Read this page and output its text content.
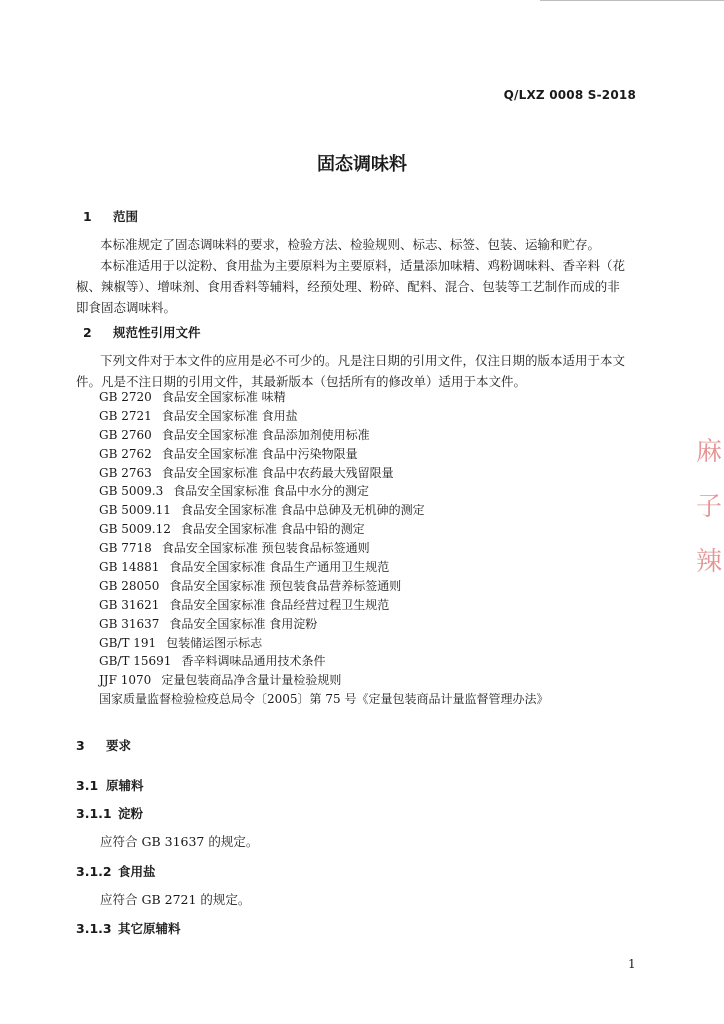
Q/LXZ 0008 S-2018
固态调味料
1 范围
本标准规定了固态调味料的要求，检验方法、检验规则、标志、标签、包装、运输和贮存。
本标准适用于以淀粉、食用盐为主要原料为主要原料，适量添加味精、鸡粉调味料、香辛料（花
椒、辣椒等）、增味剂、食用香料等辅料，经预处理、粉碎、配料、混合、包装等工艺制作而成的非
即食固态调味料。
2 规范性引用文件
下列文件对于本文件的应用是必不可少的。凡是注日期的引用文件，仅注日期的版本适用于本文
件。凡是不注日期的引用文件，其最新版本（包括所有的修改单）适用于本文件。
GB 2720 食品安全国家标准 味精
GB 2721 食品安全国家标准 食用盐
GB 2760 食品安全国家标准 食品添加剂使用标准
GB 2762 食品安全国家标准 食品中污染物限量
GB 2763 食品安全国家标准 食品中农药最大残留限量
GB 5009.3 食品安全国家标准 食品中水分的测定
GB 5009.11 食品安全国家标准 食品中总砷及无机砷的测定
GB 5009.12 食品安全国家标准 食品中铅的测定
GB 7718 食品安全国家标准 预包装食品标签通则
GB 14881 食品安全国家标准 食品生产通用卫生规范
GB 28050 食品安全国家标准 预包装食品营养标签通则
GB 31621 食品安全国家标准 食品经营过程卫生规范
GB 31637 食品安全国家标准 食用淀粉
GB/T 191 包装储运图示标志
GB/T 15691 香辛料调味品通用技术条件
JJF 1070 定量包装商品净含量计量检验规则
国家质量监督检验检疫总局令〔2005〕第 75 号《定量包装商品计量监督管理办法》
3 要求
3.1 原辅料
3.1.1 淀粉
应符合 GB 31637 的规定。
3.1.2 食用盐
应符合 GB 2721 的规定。
3.1.3 其它原辅料
1
麻
子
辣
